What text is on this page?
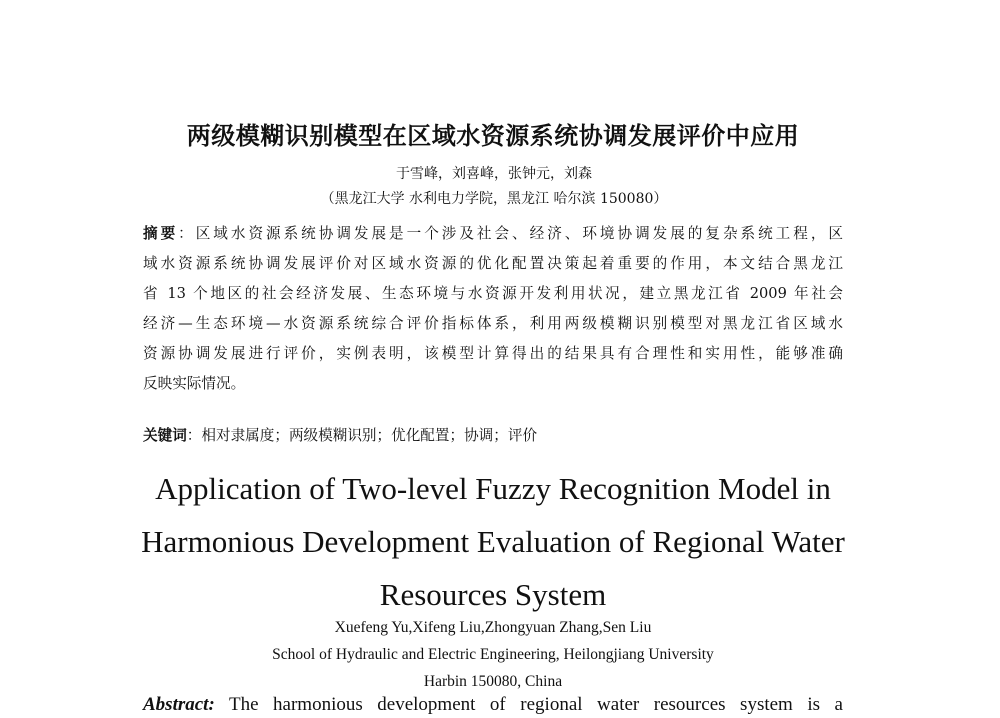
两级模糊识别模型在区域水资源系统协调发展评价中应用
于雪峰，刘喜峰，张钟元，刘森
（黑龙江大学 水利电力学院，黑龙江 哈尔滨 150080）
摘要：区域水资源系统协调发展是一个涉及社会、经济、环境协调发展的复杂系统工程，区
域水资源系统协调发展评价对区域水资源的优化配置决策起着重要的作用，本文结合黑龙江
省 13 个地区的社会经济发展、生态环境与水资源开发利用状况，建立黑龙江省 2009 年社会
经济—生态环境—水资源系统综合评价指标体系，利用两级模糊识别模型对黑龙江省区域水
资源协调发展进行评价，实例表明，该模型计算得出的结果具有合理性和实用性，能够准确
反映实际情况。
关键词：相对隶属度；两级模糊识别；优化配置；协调；评价
Application of Two-level Fuzzy Recognition Model in
Harmonious Development Evaluation of Regional Water
Resources System
Xuefeng Yu,Xifeng Liu,Zhongyuan Zhang,Sen Liu
School of Hydraulic and Electric Engineering, Heilongjiang University
Harbin 150080, China
Abstract: The harmonious development of regional water resources system is a
